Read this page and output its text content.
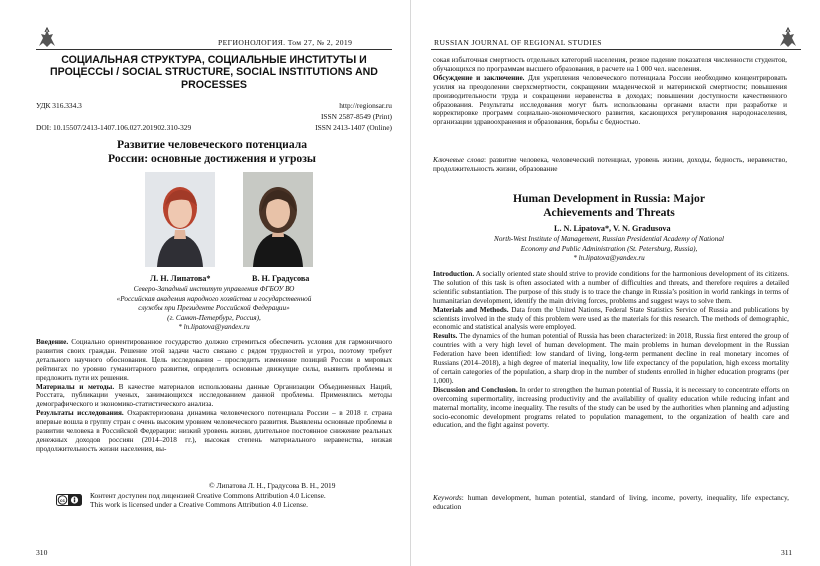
РЕГИОНОЛОГИЯ. Том 27, № 2, 2019
СОЦИАЛЬНАЯ СТРУКТУРА, СОЦИАЛЬНЫЕ ИНСТИТУТЫ И ПРОЦЕССЫ / SOCIAL STRUCTURE, SOCIAL INSTITUTIONS AND PROCESSES
УДК 316.334.3	http://regionsar.ru
ISSN 2587-8549 (Print)
DOI: 10.15507/2413-1407.106.027.201902.310-329	ISSN 2413-1407 (Online)
Развитие человеческого потенциала России: основные достижения и угрозы
Л. Н. Липатова*	В. Н. Градусова
Северо-Западный институт управления ФГБОУ ВО
«Российская академия народного хозяйства и государственной
службы при Президенте Российской Федерации»
(г. Санкт-Петербург, Россия),
* ln.lipatova@yandex.ru

Введение. Социально ориентированное государство должно стремиться обеспечить условия для гармоничного развития своих граждан. Решение этой задачи часто связано с рядом трудностей и угроз, поэтому требует детального научного обоснования. Цель исследования – проследить изменение позиций России в мировых рейтингах по уровню гуманитарного развития, определить основные движущие силы, выявить проблемы и предложить пути их решения.

Материалы и методы. В качестве материалов использованы данные Организации Объединенных Наций, Росстата, публикации ученых, занимающихся исследованием данной проблемы. Применялись методы демографического и экономико-статистического анализа.

Результаты исследования. Охарактеризована динамика человеческого потенциала России – в 2018 г. страна впервые вошла в группу стран с очень высоким уровнем человеческого развития. Выявлены основные проблемы в развитии человека в Российской Федерации: низкий уровень жизни, длительное постоянное снижение реальных денежных доходов россиян (2014–2018 гг.), высокая степень материального неравенства, низкая продолжительность жизни населения, вы-

© Липатова Л. Н., Градусова В. Н., 2019
cc
Контент доступен под лицензией Creative Commons Attribution 4.0 License.
This work is licensed under a Creative Commons Attribution 4.0 License.
310
RUSSIAN JOURNAL OF REGIONAL STUDIES

сокая избыточная смертность отдельных категорий населения, резкое падение показателя численности студентов, обучающихся по программам высшего образования, в расчете на 1 000 чел. населения.

Обсуждение и заключение. Для укрепления человеческого потенциала России необходимо концентрировать усилия на преодолении сверхсмертности, сокращении младенческой и материнской смертности; повышения производительности труда и сокращении неравенства в доходах; повышении доступности качественного образования. Результаты исследования могут быть использованы органами власти при разработке и корректировке программ социально-экономического развития, касающихся регулирования народонаселения, организации здравоохранения и образования, борьбы с бедностью.

Ключевые слова: развитие человека, человеческий потенциал, уровень жизни, доходы, бедность, неравенство, продолжительность жизни, образование

Human Development in Russia: Major Achievements and Threats
L. N. Lipatova*, V. N. Gradusova
North-West Institute of Management, Russian Presidential Academy of National
Economy and Public Administration (St. Petersburg, Russia),
* ln.lipatova@yandex.ru

Introduction. A socially oriented state should strive to provide conditions for the harmonious development of its citizens. The solution of this task is often associated with a number of difficulties and threats, and therefore requires a detailed scientific substantiation. The purpose of this study is to trace the change in Russia’s position in world rankings in terms of humanitarian development, identify the main driving forces, problems and suggest ways to solve them.

Materials and Methods. Data from the United Nations, Federal State Statistics Service of Russia and publications by scientists involved in the study of this problem were used as the materials for this research. The methods of demographic, economic and statistical analysis were employed.

Results. The dynamics of the human potential of Russia has been characterized: in 2018, Russia first entered the group of countries with a very high level of human development. The main problems in human development in the Russian Federation have been identified: low standard of living, long-term permanent decline in real monetary incomes of Russians (2014–2018), a high degree of material inequality, low life expectancy of the population, high excess mortality of certain categories of the population, a sharp drop in the number of students enrolled in higher education programs (per 1,000).

Discussion and Conclusion. In order to strengthen the human potential of Russia, it is necessary to concentrate efforts on overcoming supermortality, increasing productivity and the availability of quality education while reducing infant and maternal mortality, income inequality. The results of the study can be used by the authorities when planning and adjusting socio-economic development programs related to population management, to the organization of health care and education, and the fight against poverty.

Keywords: human development, human potential, standard of living, income, poverty, inequality, life expectancy, education

311
